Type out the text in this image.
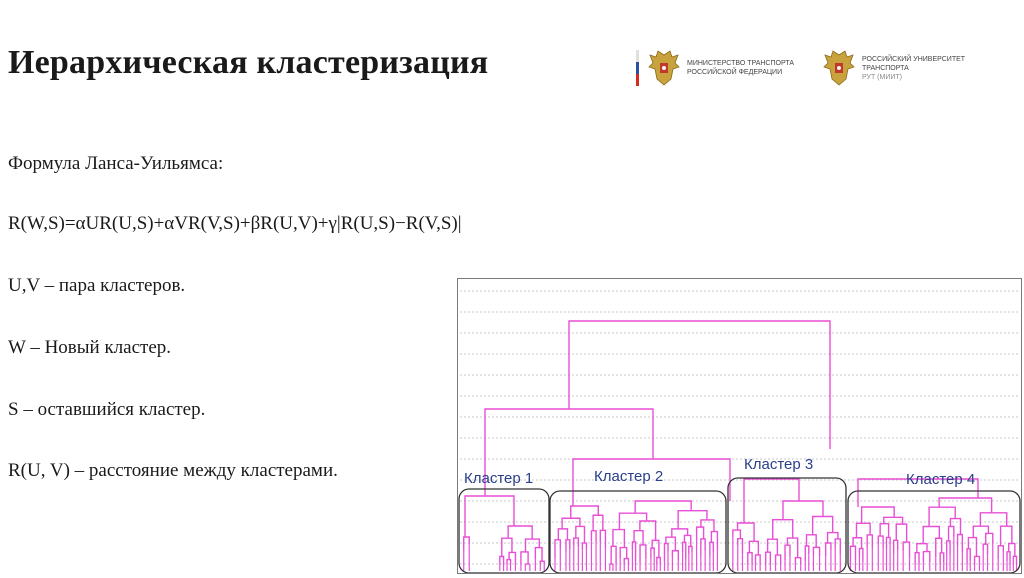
Иерархическая кластеризация	МИНИСТЕРСТВО ТРАНСПОРТА
РОССИЙСКОЙ ФЕДЕРАЦИИ
РОССИЙСКИЙ УНИВЕРСИТЕТ
ТРАНСПОРТА
РУТ (МИИТ)
Формула Ланса-Уильямса:
R(W,S)=αUR(U,S)+αVR(V,S)+βR(U,V)+γ|R(U,S)−R(V,S)|
U,V – пара кластеров.
W – Новый кластер.
S – оставшийся кластер.
R(U, V) – расстояние между кластерами.	Кластер 1	Кластер 2
Кластер 3
Кластер 4
